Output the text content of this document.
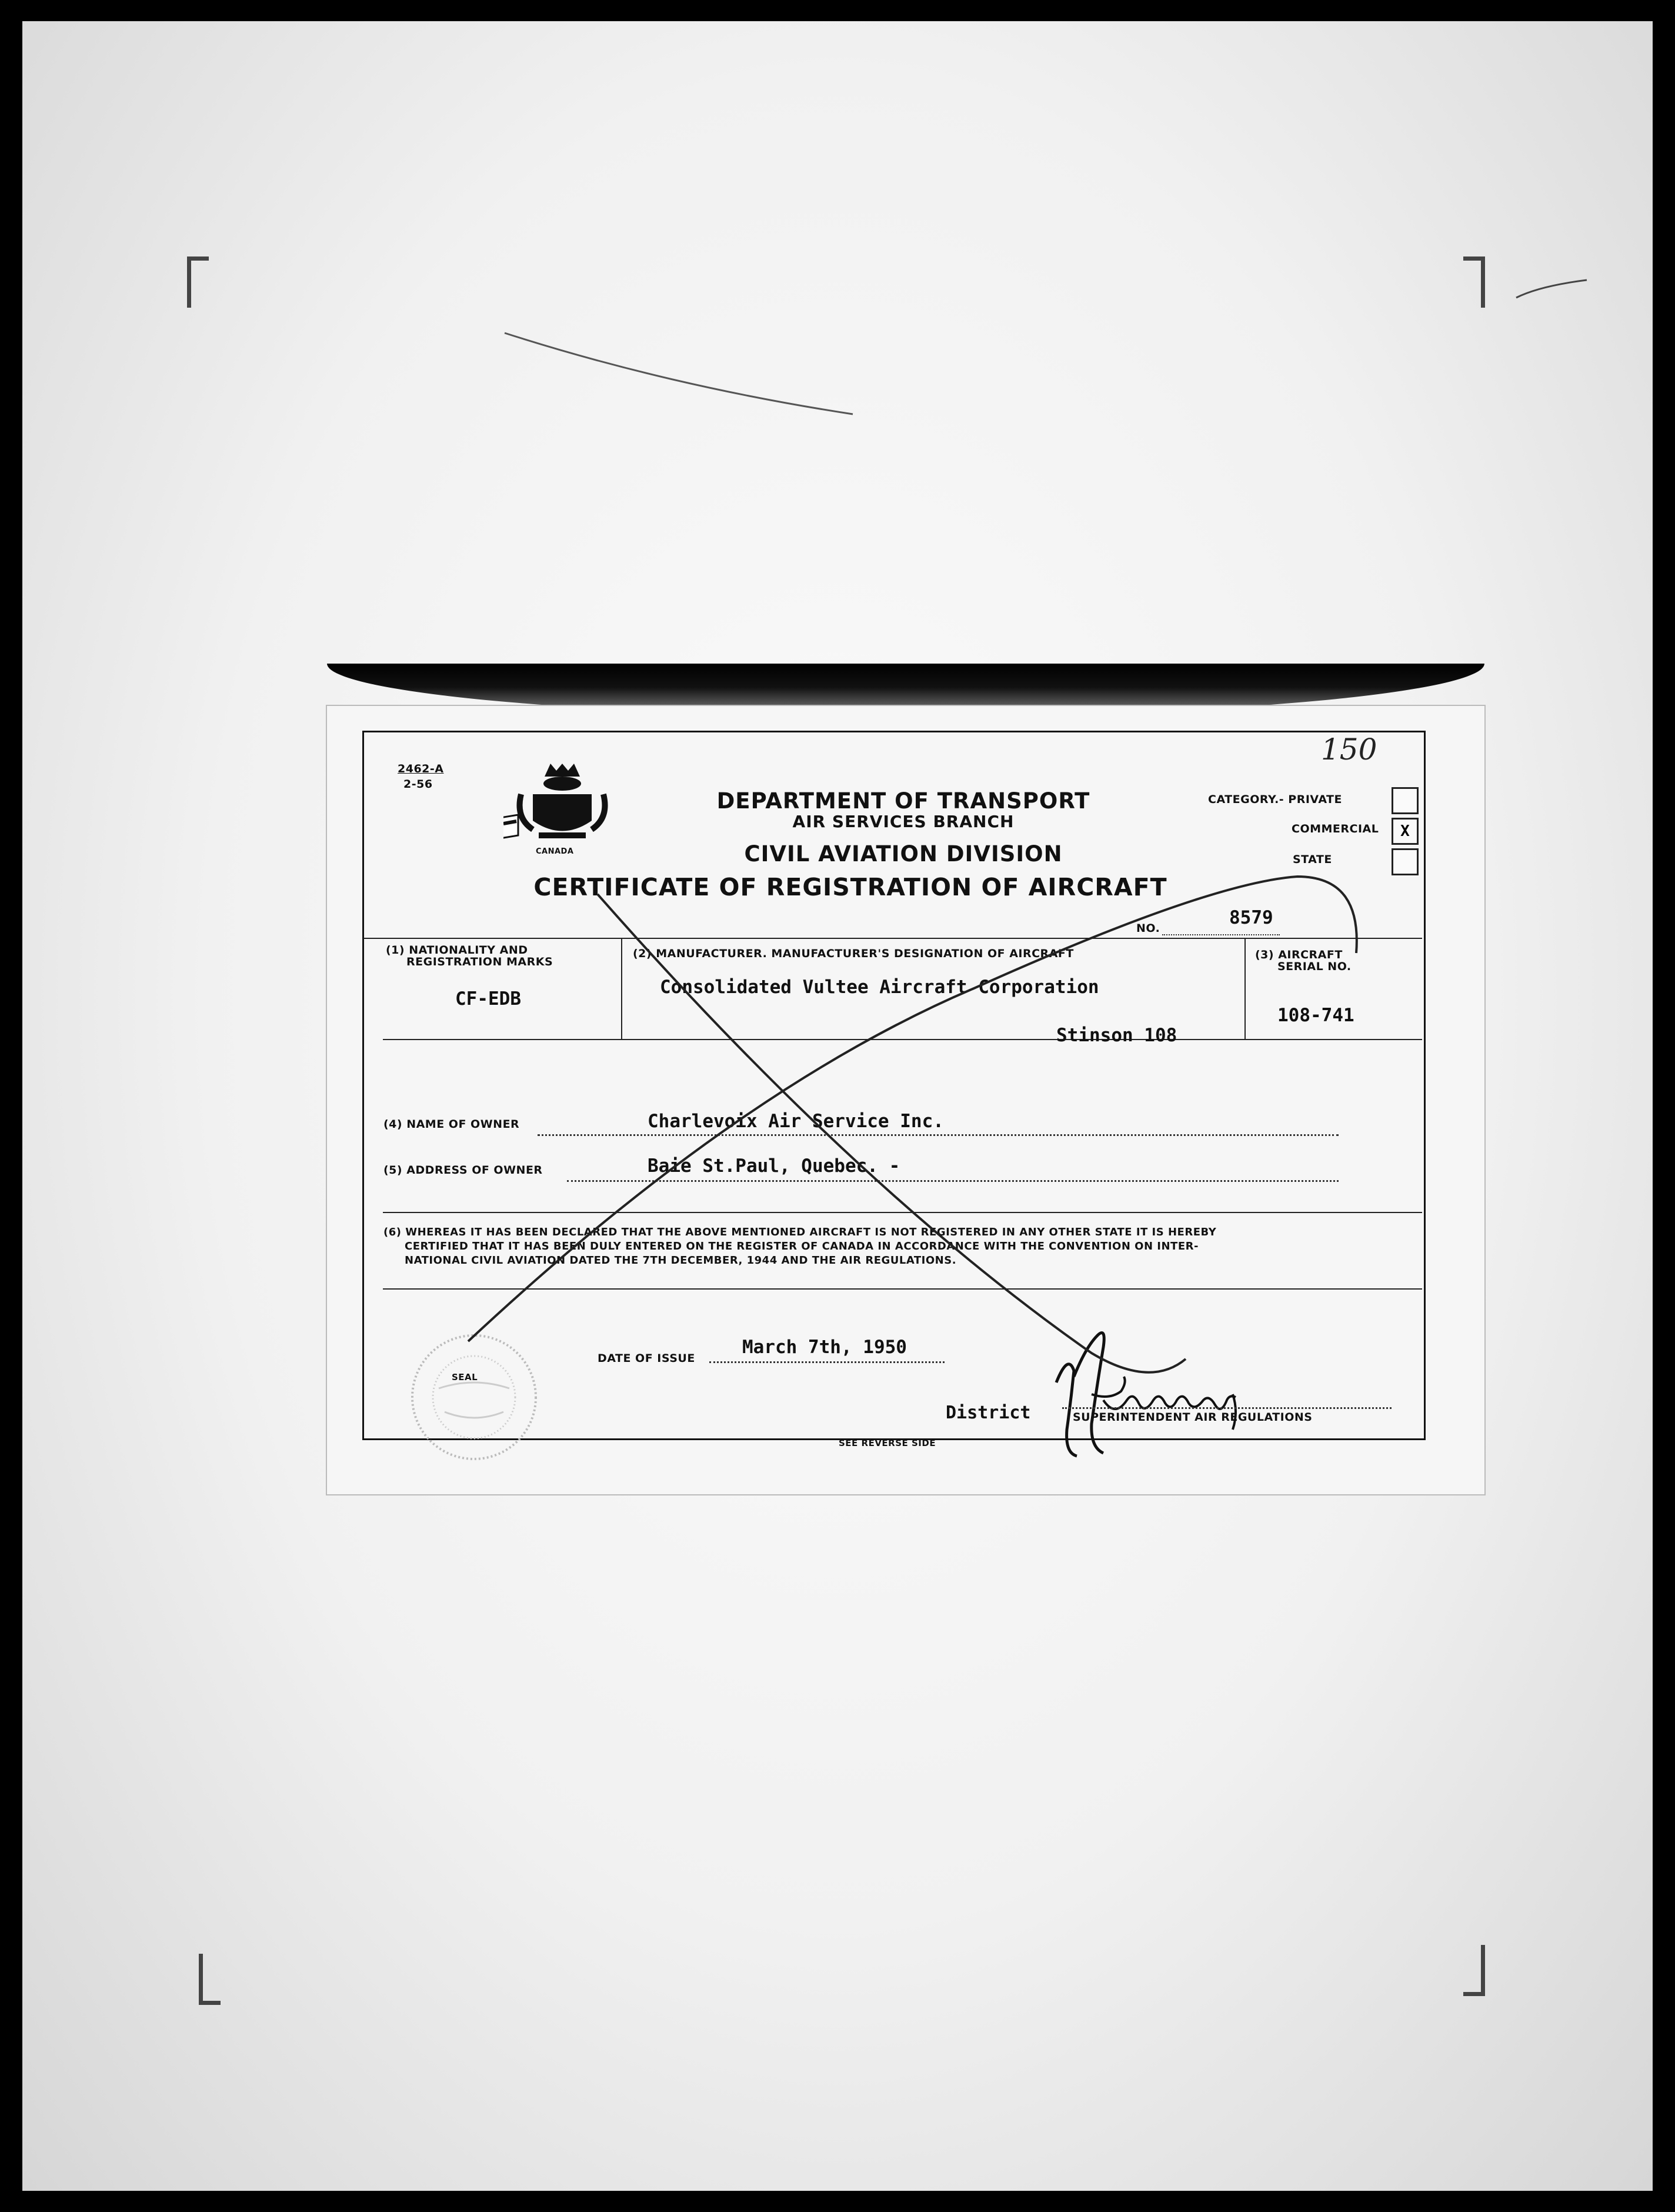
150
2462-A
2-56
CANADA
DEPARTMENT OF TRANSPORT
AIR SERVICES BRANCH
CIVIL AVIATION DIVISION
CERTIFICATE OF REGISTRATION OF AIRCRAFT
CATEGORY.- PRIVATE
COMMERCIAL	X
STATE
NO.	8579
(1) NATIONALITY AND
REGISTRATION MARKS
CF-EDB
(2) MANUFACTURER. MANUFACTURER'S DESIGNATION OF AIRCRAFT
Consolidated Vultee Aircraft Corporation
Stinson 108
(3) AIRCRAFT
SERIAL NO.
108-741
(4) NAME OF OWNER	Charlevoix Air Service Inc.
(5) ADDRESS OF OWNER	Baie St.Paul, Quebec. -
(6) WHEREAS IT HAS BEEN DECLARED THAT THE ABOVE MENTIONED AIRCRAFT IS NOT REGISTERED IN ANY OTHER STATE IT IS HEREBY
CERTIFIED THAT IT HAS BEEN DULY ENTERED ON THE REGISTER OF CANADA IN ACCORDANCE WITH THE CONVENTION ON INTER-
NATIONAL CIVIL AVIATION DATED THE 7TH DECEMBER, 1944 AND THE AIR REGULATIONS.
DATE OF ISSUE
March 7th, 1950
SEAL
District	SUPERINTENDENT AIR REGULATIONS
SEE REVERSE SIDE
